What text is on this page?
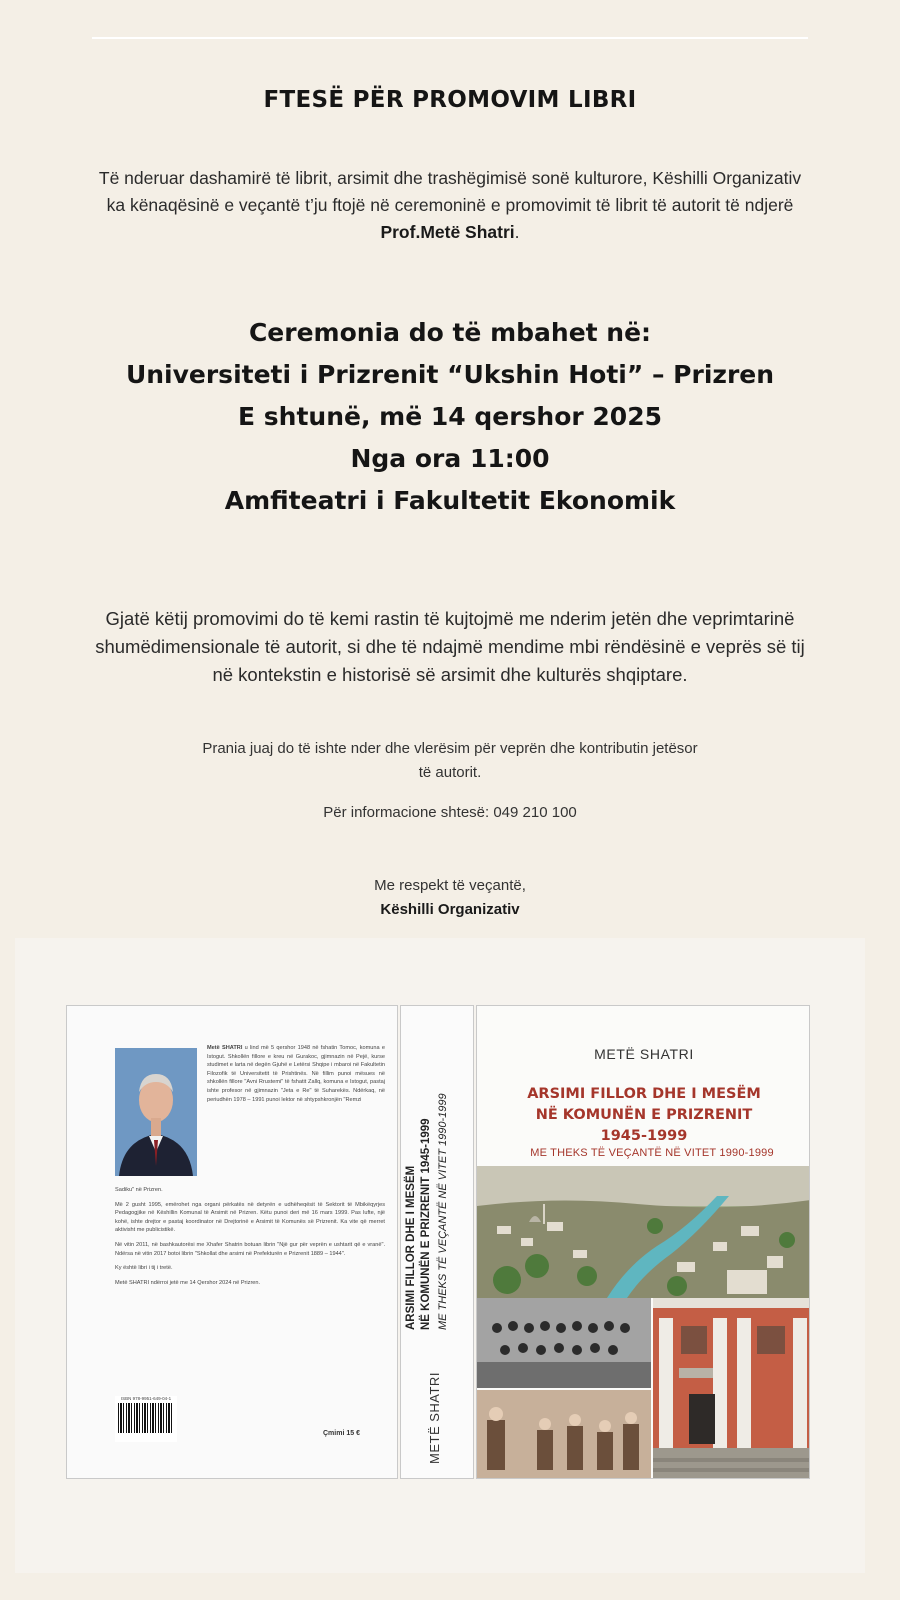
FTESË PËR PROMOVIM LIBRI
Të nderuar dashamirë të librit, arsimit dhe trashëgimisë sonë kulturore, Këshilli Organizativ ka kënaqësinë e veçantë t’ju ftojë në ceremoninë e promovimit të librit të autorit të ndjerë Prof.Metë Shatri.
Ceremonia do të mbahet në:
Universiteti i Prizrenit “Ukshin Hoti” – Prizren
E shtunë, më 14 qershor 2025
Nga ora 11:00
Amfiteatri i Fakultetit Ekonomik
Gjatë këtij promovimi do të kemi rastin të kujtojmë me nderim jetën dhe veprimtarinë shumëdimensionale të autorit, si dhe të ndajmë mendime mbi rëndësinë e veprës së tij në kontekstin e historisë së arsimit dhe kulturës shqiptare.
Prania juaj do të ishte nder dhe vlerësim për veprën dhe kontributin jetësor të autorit.
Për informacione shtesë: 049 210 100
Me respekt të veçantë,
Këshilli Organizativ

Metë SHATRI u lind më 5 qershor 1948 në fshatin Tomoc, komuna e Istogut. Shkollën fillore e kreu në Gurakoc, gjimnazin në Pejë, kurse studimet e larta në degën Gjuhë e Letërsi Shqipe i mbaroi në Fakultetin Filozofik të Universitetit të Prishtinës. Në fillim punoi mësues në shkollën fillore "Avni Rrustemi" të fshatit Zallq, komuna e Istogut, pastaj ishte profesor në gjimnazin "Jeta e Re" të Suharekës. Ndërkaq, në periudhën 1978 – 1991 punoi lektor në shtypshkronjën "Remzi

Sadiku" në Prizren.

Më 2 gusht 1995, emërohet nga organi përkatës në detyrën e udhëheqësit të Sektorit të Mbikëqyrjes Pedagogjike në Këshillin Komunal të Arsimit në Prizren. Këtu punoi deri më 16 mars 1999. Pas lufte, një kohë, ishte drejtor e pastaj koordinator në Drejtorinë e Arsimit të Komunës së Prizrenit. Ka vite që merret aktivisht me publicistikë.

Në vitin 2011, në bashkautorësi me Xhafer Shatrin botuan librin "Një gur për veprën e ushtarit që e vranë". Ndërsa në vitin 2017 botoi librin "Shkollat dhe arsimi në Prefekturën e Prizrenit 1889 – 1944".

Ky është libri i tij i tretë.

Metë SHATRI ndërroi jetë me 14 Qershor 2024 në Prizren.

ISBN 978-9951-649-04-1
Çmimi 15 €	METË SHATRI
ARSIMI FILLOR DHE I MESËM NË KOMUNËN E PRIZRENIT 1945-1999 ME THEKS TË VEÇANTË NË VITET 1990-1999
METË SHATRI
ARSIMI FILLOR DHE I MESËM
NË KOMUNËN E PRIZRENIT
1945-1999
ME THEKS TË VEÇANTË NË VITET 1990-1999
